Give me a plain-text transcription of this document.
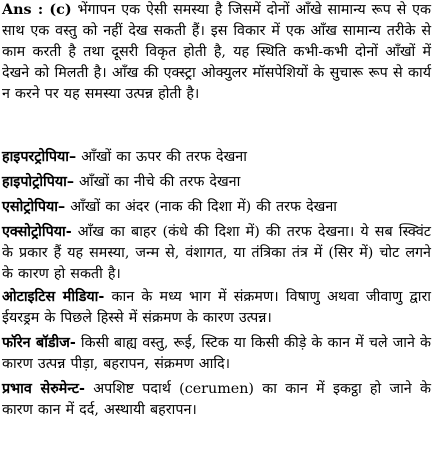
Ans : (c) भेंगापन एक ऐसी समस्या है जिसमें दोनों आँखे सामान्य रूप से एक साथ एक वस्तु को नहीं देख सकती हैं। इस विकार में एक आँख सामान्य तरीके से काम करती है तथा दूसरी विकृत होती है, यह स्थिति कभी-कभी दोनों आँखों में देखने को मिलती है। आँख की एक्स्ट्रा ओक्युलर मॉसपेशियों के सुचारू रूप से कार्य न करने पर यह समस्या उत्पन्न होती है।

हाइपरट्रोपिया– आँखों का ऊपर की तरफ देखना

हाइपोट्रोपिया– आँखों का नीचे की तरफ देखना

एसोट्रोपिया– आँखों का अंदर (नाक की दिशा में) की तरफ देखना

एक्सोट्रोपिया- आँख का बाहर (कंधे की दिशा में) की तरफ देखना। ये सब स्क्विंट के प्रकार हैं यह समस्या, जन्म से, वंशागत, या तंत्रिका तंत्र में (सिर में) चोट लगने के कारण हो सकती है।

ओटाइटिस मीडिया- कान के मध्य भाग में संक्रमण। विषाणु अथवा जीवाणु द्वारा ईयरड्रम के पिछले हिस्से में संक्रमण के कारण उत्पन्न।

फॉरेन बॉडीज- किसी बाह्य वस्तु, रूई, स्टिक या किसी कीड़े के कान में चले जाने के कारण उत्पन्न पीड़ा, बहरापन, संक्रमण आदि।

प्रभाव सेरुमेन्ट- अपशिष्ट पदार्थ (cerumen) का कान में इकट्ठा हो जाने के कारण कान में दर्द, अस्थायी बहरापन।
